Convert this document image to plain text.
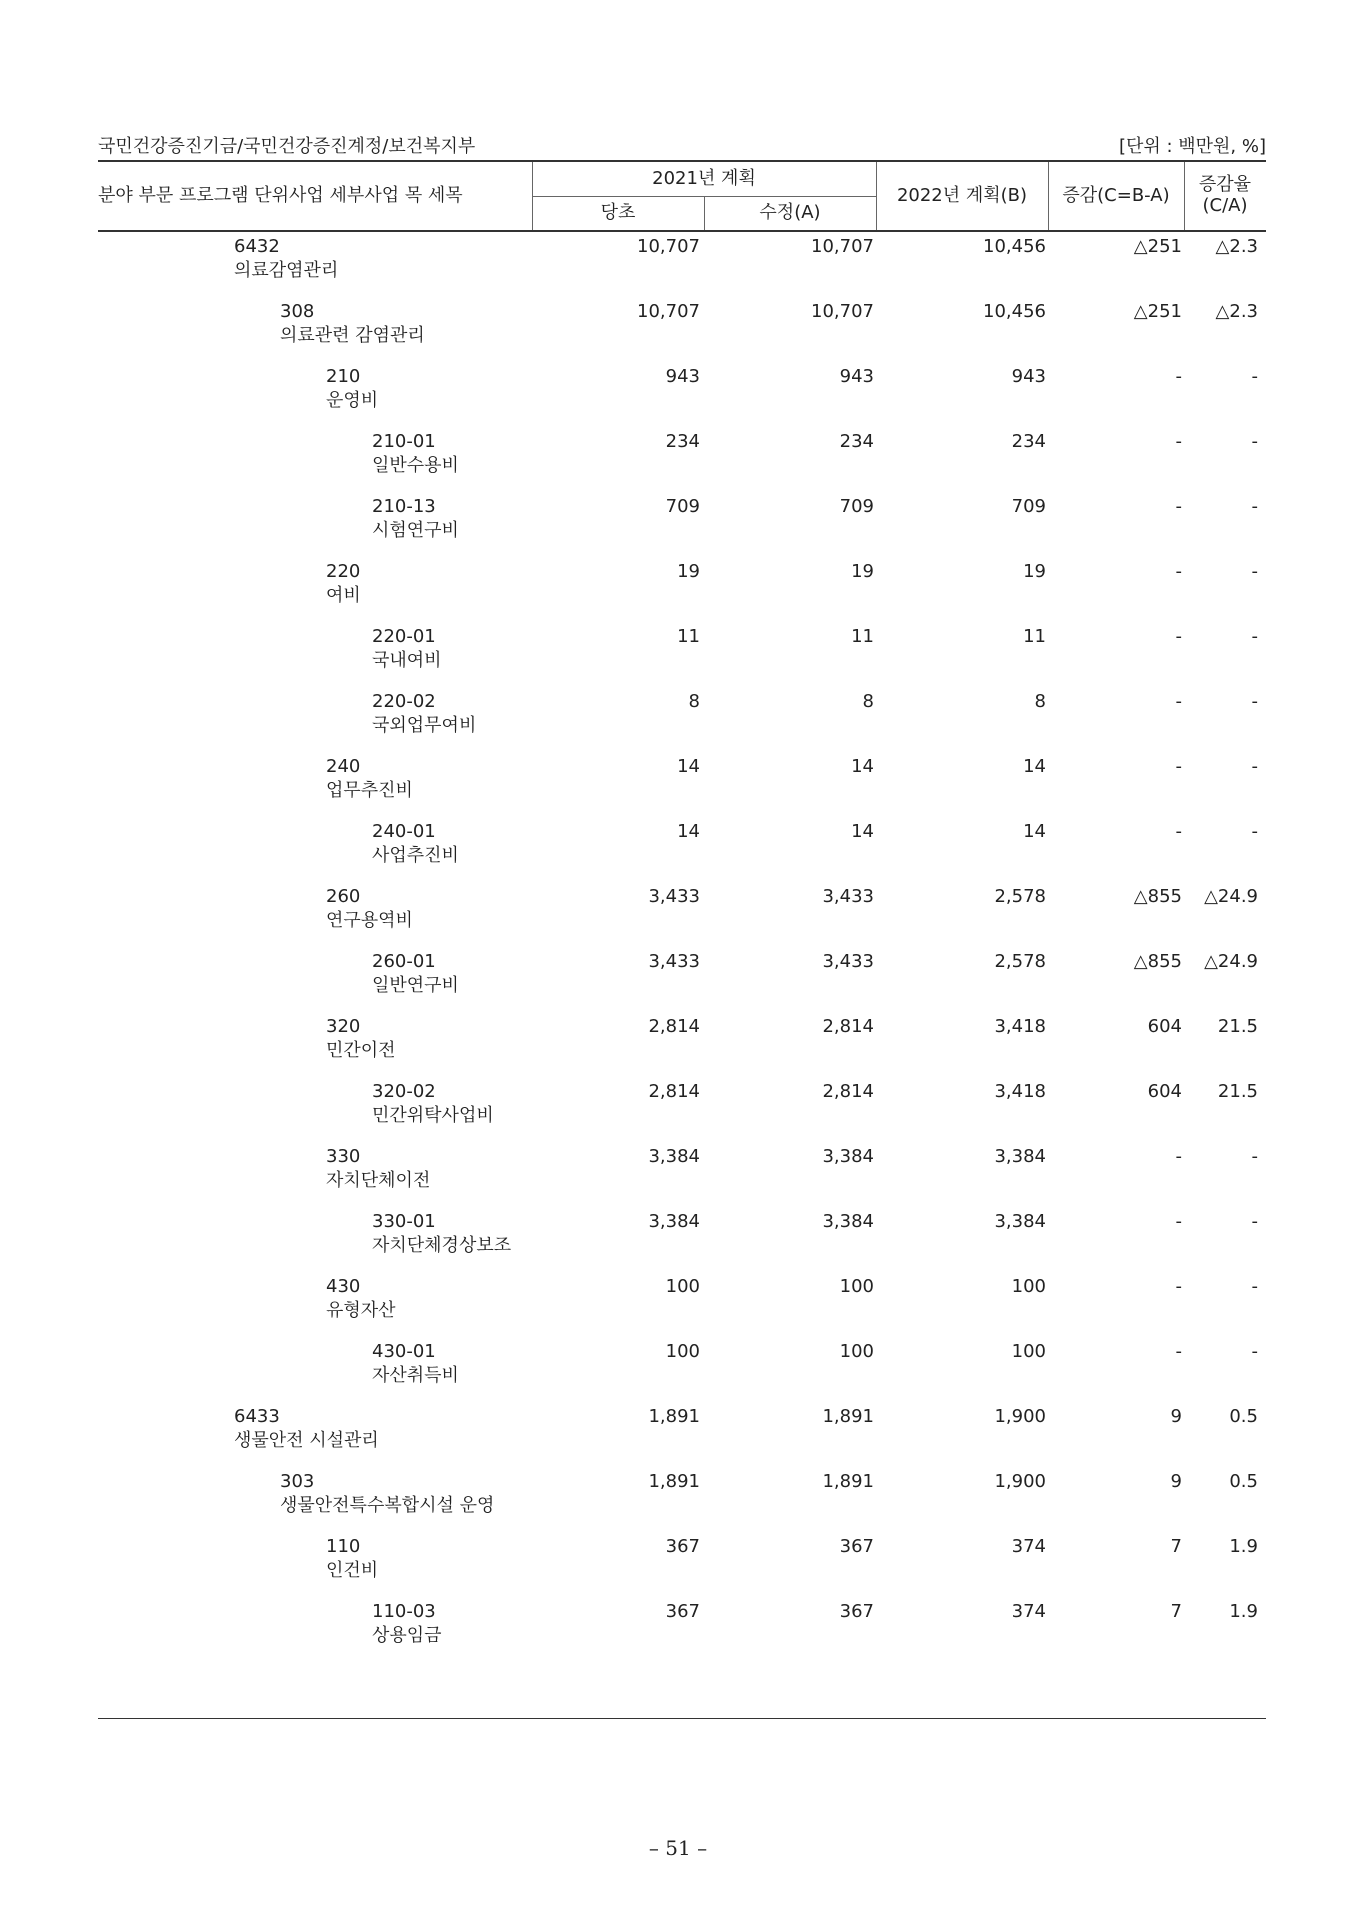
국민건강증진기금/국민건강증진계정/보건복지부	[단위 : 백만원, %]
분야 부문 프로그램 단위사업 세부사업 목 세목
2021년 계획
당초	수정(A)
2022년 계획(B)	증감(C=B-A)	증감율
(C/A)
6432
의료감염관리
10,707	10,707	10,456	△251 △2.3
308
의료관련 감염관리
10,707	10,707	10,456	△251 △2.3
210
운영비
943	943	943	-	-
210-01
일반수용비
234	234	234	-	-
210-13
시험연구비
709	709	709	-	-
220
여비
19	19	19	-	-
220-01
국내여비
11	11	11	-	-
220-02
국외업무여비
8	8	8	-	-
240
업무추진비
14	14	14	-	-
240-01
사업추진비
14	14	14	-	-
260
연구용역비
3,433	3,433	2,578	△855 △24.9
260-01
일반연구비
3,433	3,433	2,578	△855 △24.9
320
민간이전
2,814	2,814	3,418	604 21.5
320-02
민간위탁사업비
2,814	2,814	3,418	604 21.5
330
자치단체이전
3,384	3,384	3,384	-	-
330-01
자치단체경상보조
3,384	3,384	3,384	-	-
430
유형자산
100	100	100	-	-
430-01
자산취득비
100	100	100	-	-
6433
생물안전 시설관리
1,891	1,891	1,900	9	0.5
303
생물안전특수복합시설 운영
1,891	1,891	1,900	9	0.5
110
인건비
367	367	374	7	1.9
110-03
상용임금
367	367	374	7	1.9
– 51 –
